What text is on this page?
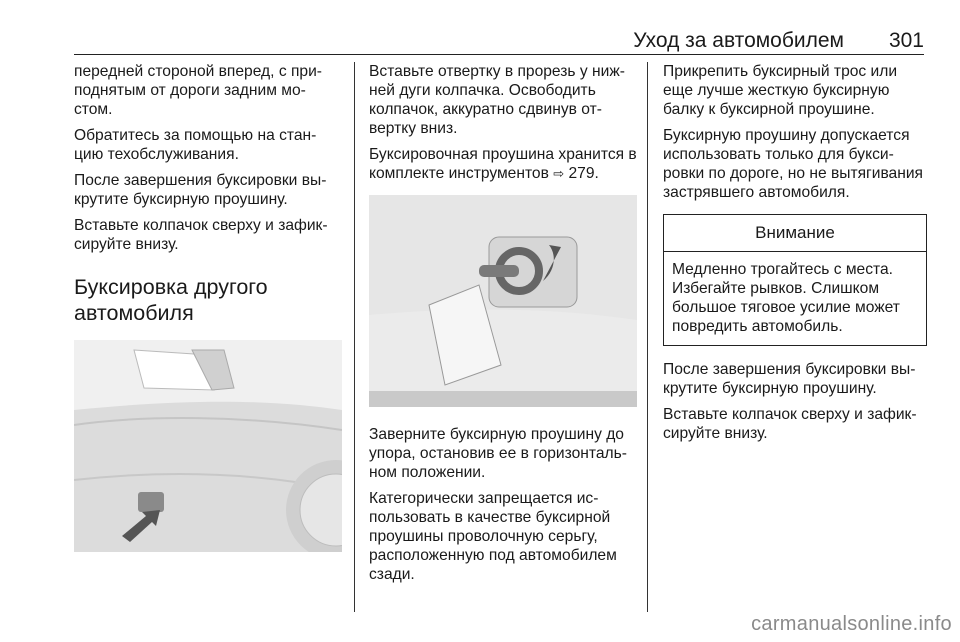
Уход за автомобилем 301

передней стороной вперед, с при-поднятым от дороги задним мо-стом.

Обратитесь за помощью на стан-цию техобслуживания.

После завершения буксировки вы-крутите буксирную проушину.

Вставьте колпачок сверху и зафик-сируйте внизу.

Буксировка другого автомобиля

Вставьте отвертку в прорезь у ниж-ней дуги колпачка. Освободить колпачок, аккуратно сдвинув от-вертку вниз.

Буксировочная проушина хранится в комплекте инструментов ⇨ 279.

Заверните буксирную проушину до упора, остановив ее в горизонталь-ном положении.

Категорически запрещается ис-пользовать в качестве буксирной проушины проволочную серьгу, расположенную под автомобилем сзади.

Прикрепить буксирный трос или еще лучше жесткую буксирную балку к буксирной проушине.

Буксирную проушину допускается использовать только для букси-ровки по дороге, но не вытягивания застрявшего автомобиля.

Внимание
Медленно трогайтесь с места. Избегайте рывков. Слишком большое тяговое усилие может повредить автомобиль.

После завершения буксировки вы-крутите буксирную проушину.

Вставьте колпачок сверху и зафик-сируйте внизу.

carmanualsonline.info
